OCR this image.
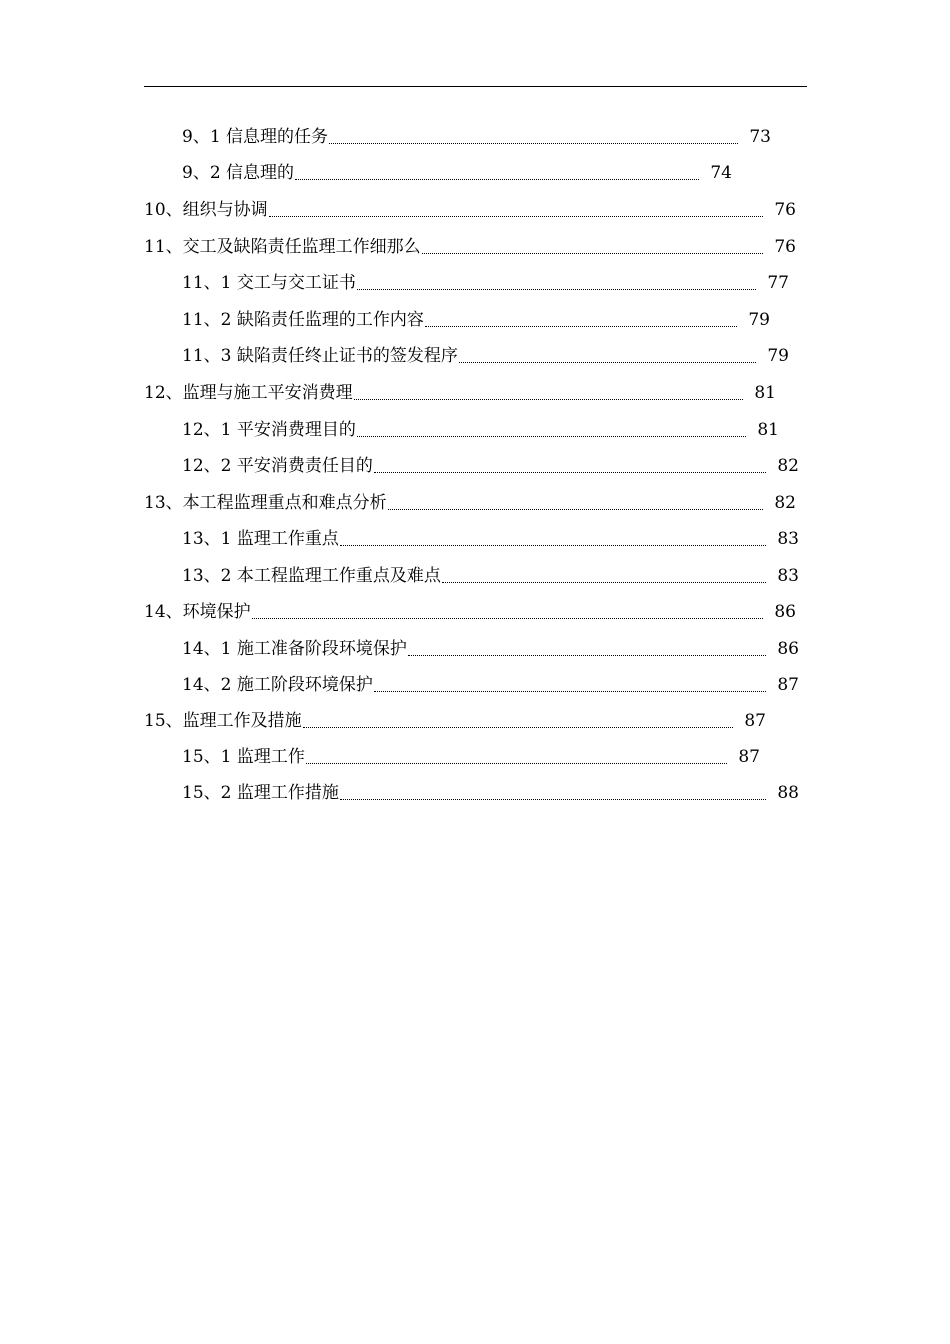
9、1 信息理的任务	73
9、2 信息理的	74
10、组织与协调	76
11、交工及缺陷责任监理工作细那么	76
11、1 交工与交工证书	77
11、2 缺陷责任监理的工作内容	79
11、3 缺陷责任终止证书的签发程序	79
12、监理与施工平安消费理	81
12、1 平安消费理目的	81
12、2 平安消费责任目的	82
13、本工程监理重点和难点分析	82
13、1 监理工作重点	83
13、2 本工程监理工作重点及难点	83
14、环境保护	86
14、1 施工准备阶段环境保护	86
14、2 施工阶段环境保护	87
15、监理工作及措施	87
15、1 监理工作	87
15、2 监理工作措施	88
